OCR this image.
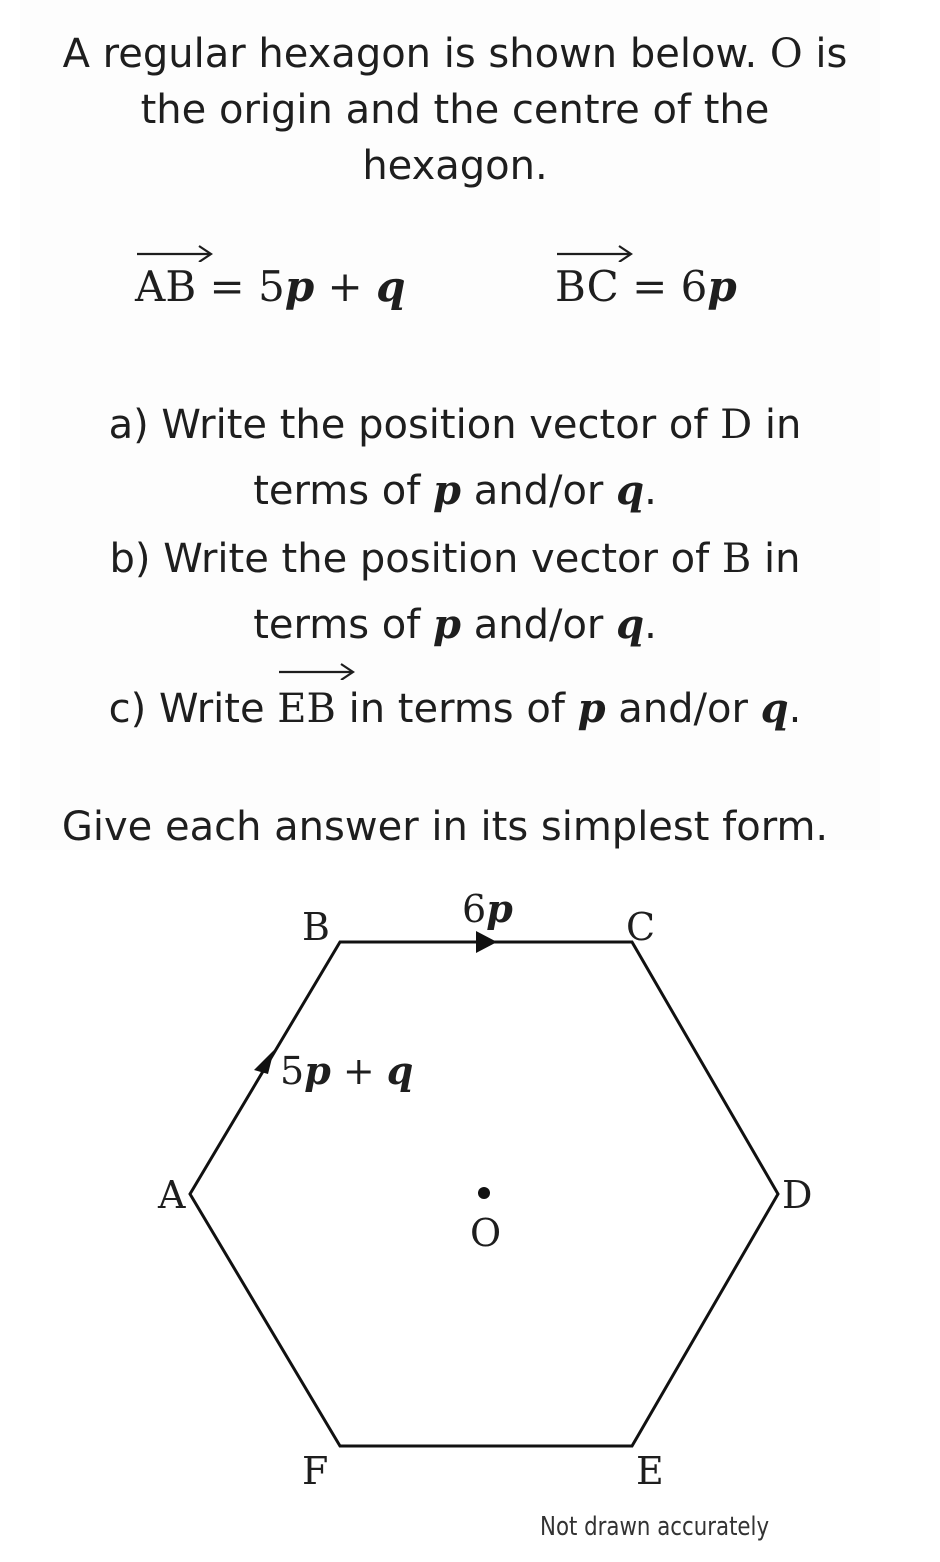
A regular hexagon is shown below. O is
the origin and the centre of the
hexagon.
AB = 5p + q	BC = 6p
a) Write the position vector of D in
terms of p and/or q.
b) Write the position vector of B in
terms of p and/or q.
c) Write
EB in terms of p and/or q.
Give each answer in its simplest form.
B	C
A	D
F	E
O
6p
5p + q
Not drawn accurately
